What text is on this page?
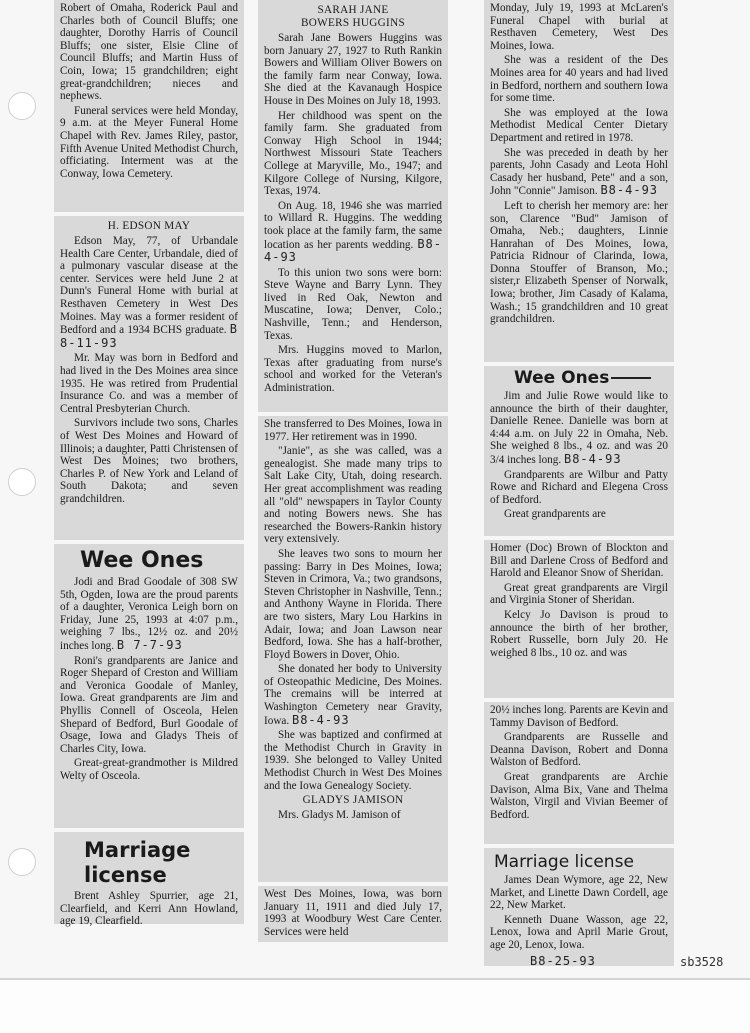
Robert of Omaha, Roderick Paul and Charles both of Council Bluffs; one daughter, Dorothy Harris of Council Bluffs; one sister, Elsie Cline of Council Bluffs; and Martin Huss of Coin, Iowa; 15 grandchildren; eight great-grandchildren; nieces and nephews.

Funeral services were held Monday, 9 a.m. at the Meyer Funeral Home Chapel with Rev. James Riley, pastor, Fifth Avenue United Methodist Church, officiating. Interment was at the Conway, Iowa Cemetery.

H. EDSON MAY

Edson May, 77, of Urbandale Health Care Center, Urbandale, died of a pulmonary vascular disease at the center. Services were held June 2 at Dunn's Funeral Home with burial at Resthaven Cemetery in West Des Moines. May was a former resident of Bedford and a 1934 BCHS graduate. B 8-11-93

Mr. May was born in Bedford and had lived in the Des Moines area since 1935. He was retired from Prudential Insurance Co. and was a member of Central Presbyterian Church.

Survivors include two sons, Charles of West Des Moines and Howard of Illinois; a daughter, Patti Christensen of West Des Moines; two brothers, Charles P. of New York and Leland of South Dakota; and seven grandchildren.

Wee Ones

Jodi and Brad Goodale of 308 SW 5th, Ogden, Iowa are the proud parents of a daughter, Veronica Leigh born on Friday, June 25, 1993 at 4:07 p.m., weighing 7 lbs., 12½ oz. and 20½ inches long. B 7-7-93

Roni's grandparents are Janice and Roger Shepard of Creston and William and Veronica Goodale of Manley, Iowa. Great grandparents are Jim and Phyllis Connell of Osceola, Helen Shepard of Bedford, Burl Goodale of Osage, Iowa and Gladys Theis of Charles City, Iowa.

Great-great-grandmother is Mildred Welty of Osceola.

Marriage license

Brent Ashley Spurrier, age 21, Clearfield, and Kerri Ann Howland, age 19, Clearfield.

SARAH JANE
BOWERS HUGGINS

Sarah Jane Bowers Huggins was born January 27, 1927 to Ruth Rankin Bowers and William Oliver Bowers on the family farm near Conway, Iowa. She died at the Kavanaugh Hospice House in Des Moines on July 18, 1993.

Her childhood was spent on the family farm. She graduated from Conway High School in 1944; Northwest Missouri State Teachers College at Maryville, Mo., 1947; and Kilgore College of Nursing, Kilgore, Texas, 1974.

On Aug. 18, 1946 she was married to Willard R. Huggins. The wedding took place at the family farm, the same location as her parents wedding. B8-4-93

To this union two sons were born: Steve Wayne and Barry Lynn. They lived in Red Oak, Newton and Muscatine, Iowa; Denver, Colo.; Nashville, Tenn.; and Henderson, Texas.

Mrs. Huggins moved to Marlon, Texas after graduating from nurse's school and worked for the Veteran's Administration.

She transferred to Des Moines, Iowa in 1977. Her retirement was in 1990.

"Janie", as she was called, was a genealogist. She made many trips to Salt Lake City, Utah, doing research. Her great accomplishment was reading all "old" newspapers in Taylor County and noting Bowers news. She has researched the Bowers-Rankin history very extensively.

She leaves two sons to mourn her passing: Barry in Des Moines, Iowa; Steven in Crimora, Va.; two grandsons, Steven Christopher in Nashville, Tenn.; and Anthony Wayne in Florida. There are two sisters, Mary Lou Harkins in Adair, Iowa; and Joan Lawson near Bedford, Iowa. She has a half-brother, Floyd Bowers in Dover, Ohio.

She donated her body to University of Osteopathic Medicine, Des Moines. The cremains will be interred at Washington Cemetery near Gravity, Iowa. B8-4-93

She was baptized and confirmed at the Methodist Church in Gravity in 1939. She belonged to Valley United Methodist Church in West Des Moines and the Iowa Genealogy Society.

GLADYS JAMISON

Mrs. Gladys M. Jamison of

West Des Moines, Iowa, was born January 11, 1911 and died July 17, 1993 at Woodbury West Care Center. Services were held

Monday, July 19, 1993 at McLaren's Funeral Chapel with burial at Resthaven Cemetery, West Des Moines, Iowa.

She was a resident of the Des Moines area for 40 years and had lived in Bedford, northern and southern Iowa for some time.

She was employed at the Iowa Methodist Medical Center Dietary Department and retired in 1978.

She was preceded in death by her parents, John Casady and Leota Hohl Casady her husband, Pete" and a son, John "Connie" Jamison. B8-4-93

Left to cherish her memory are: her son, Clarence "Bud" Jamison of Omaha, Neb.; daughters, Linnie Hanrahan of Des Moines, Iowa, Patricia Ridnour of Clarinda, Iowa, Donna Stouffer of Branson, Mo.; sister,r Elizabeth Spenser of Norwalk, Iowa; brother, Jim Casady of Kalama, Wash.; 15 grandchildren and 10 great grandchildren.

Wee Ones

Jim and Julie Rowe would like to announce the birth of their daughter, Danielle Renee. Danielle was born at 4:44 a.m. on July 22 in Omaha, Neb. She weighed 8 lbs., 4 oz. and was 20 3/4 inches long. B8-4-93

Grandparents are Wilbur and Patty Rowe and Richard and Elegena Cross of Bedford.

Great grandparents are

Homer (Doc) Brown of Blockton and Bill and Darlene Cross of Bedford and Harold and Eleanor Snow of Sheridan.

Great great grandparents are Virgil and Virginia Stoner of Sheridan.

Kelcy Jo Davison is proud to announce the birth of her brother, Robert Russelle, born July 20. He weighed 8 lbs., 10 oz. and was

20½ inches long. Parents are Kevin and Tammy Davison of Bedford.

Grandparents are Russelle and Deanna Davison, Robert and Donna Walston of Bedford.

Great grandparents are Archie Davison, Alma Bix, Vane and Thelma Walston, Virgil and Vivian Beemer of Bedford.

Marriage license

James Dean Wymore, age 22, New Market, and Linette Dawn Cordell, age 22, New Market.

Kenneth Duane Wasson, age 22, Lenox, Iowa and April Marie Grout, age 20, Lenox, Iowa.

B8-25-93	sb3528
